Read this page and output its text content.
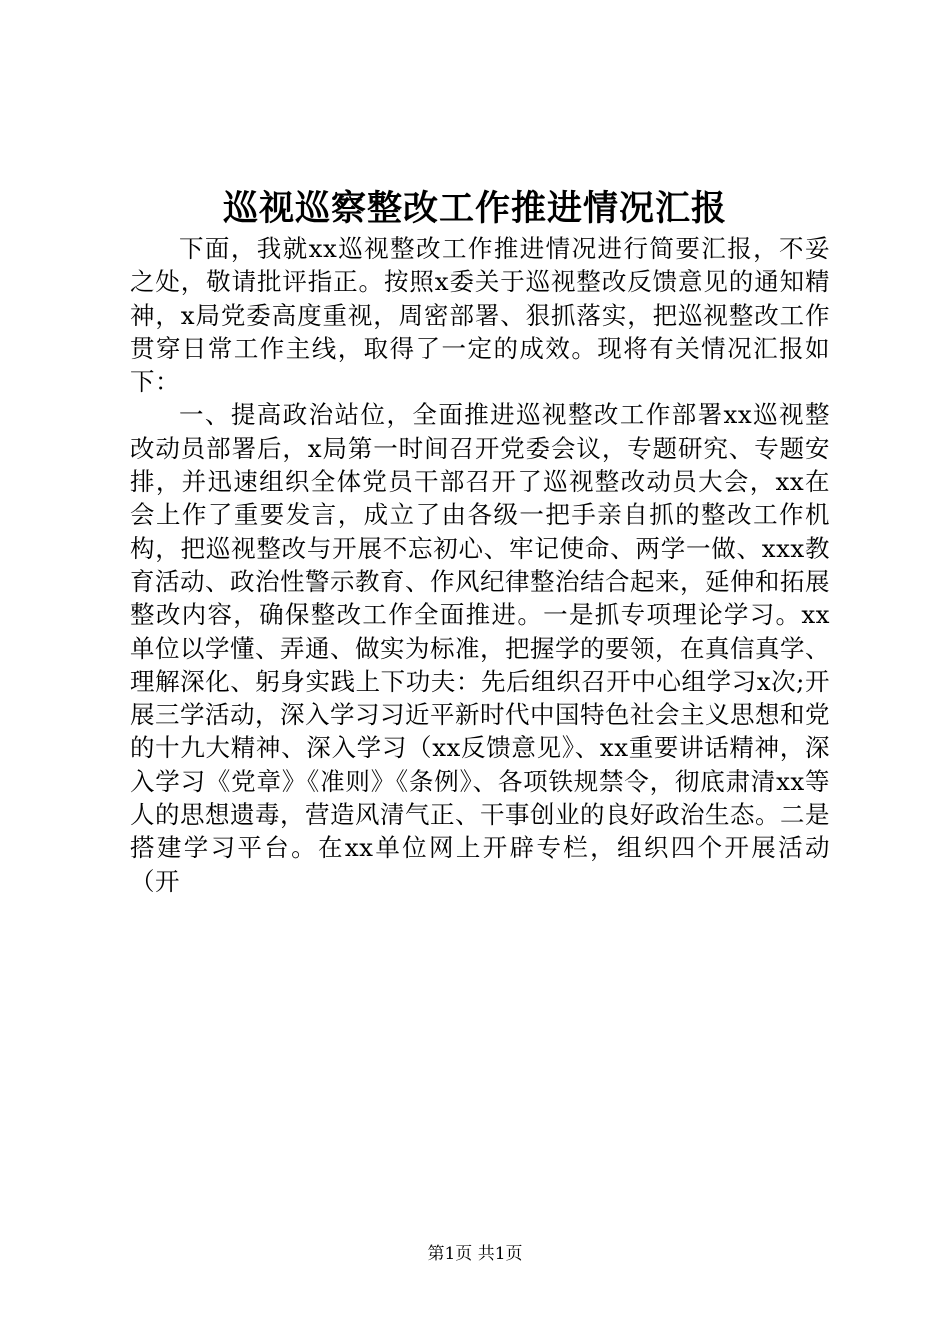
巡视巡察整改工作推进情况汇报

下面，我就xx巡视整改工作推进情况进行简要汇报，不妥之处，敬请批评指正。按照x委关于巡视整改反馈意见的通知精神，x局党委高度重视，周密部署、狠抓落实，把巡视整改工作贯穿日常工作主线，取得了一定的成效。现将有关情况汇报如下：

一、提高政治站位，全面推进巡视整改工作部署xx巡视整改动员部署后，x局第一时间召开党委会议，专题研究、专题安排，并迅速组织全体党员干部召开了巡视整改动员大会，xx在会上作了重要发言，成立了由各级一把手亲自抓的整改工作机构，把巡视整改与开展不忘初心、牢记使命、两学一做、xxx教育活动、政治性警示教育、作风纪律整治结合起来，延伸和拓展整改内容，确保整改工作全面推进。一是抓专项理论学习。xx单位以学懂、弄通、做实为标准，把握学的要领，在真信真学、理解深化、躬身实践上下功夫：先后组织召开中心组学习x次;开展三学活动，深入学习习近平新时代中国特色社会主义思想和党的十九大精神、深入学习（xx反馈意见》、xx重要讲话精神，深入学习《党章》《准则》《条例》、各项铁规禁令，彻底肃清xx等人的思想遗毒，营造风清气正、干事创业的良好政治生态。二是搭建学习平台。在xx单位网上开辟专栏，组织四个开展活动（开

第1页 共1页
